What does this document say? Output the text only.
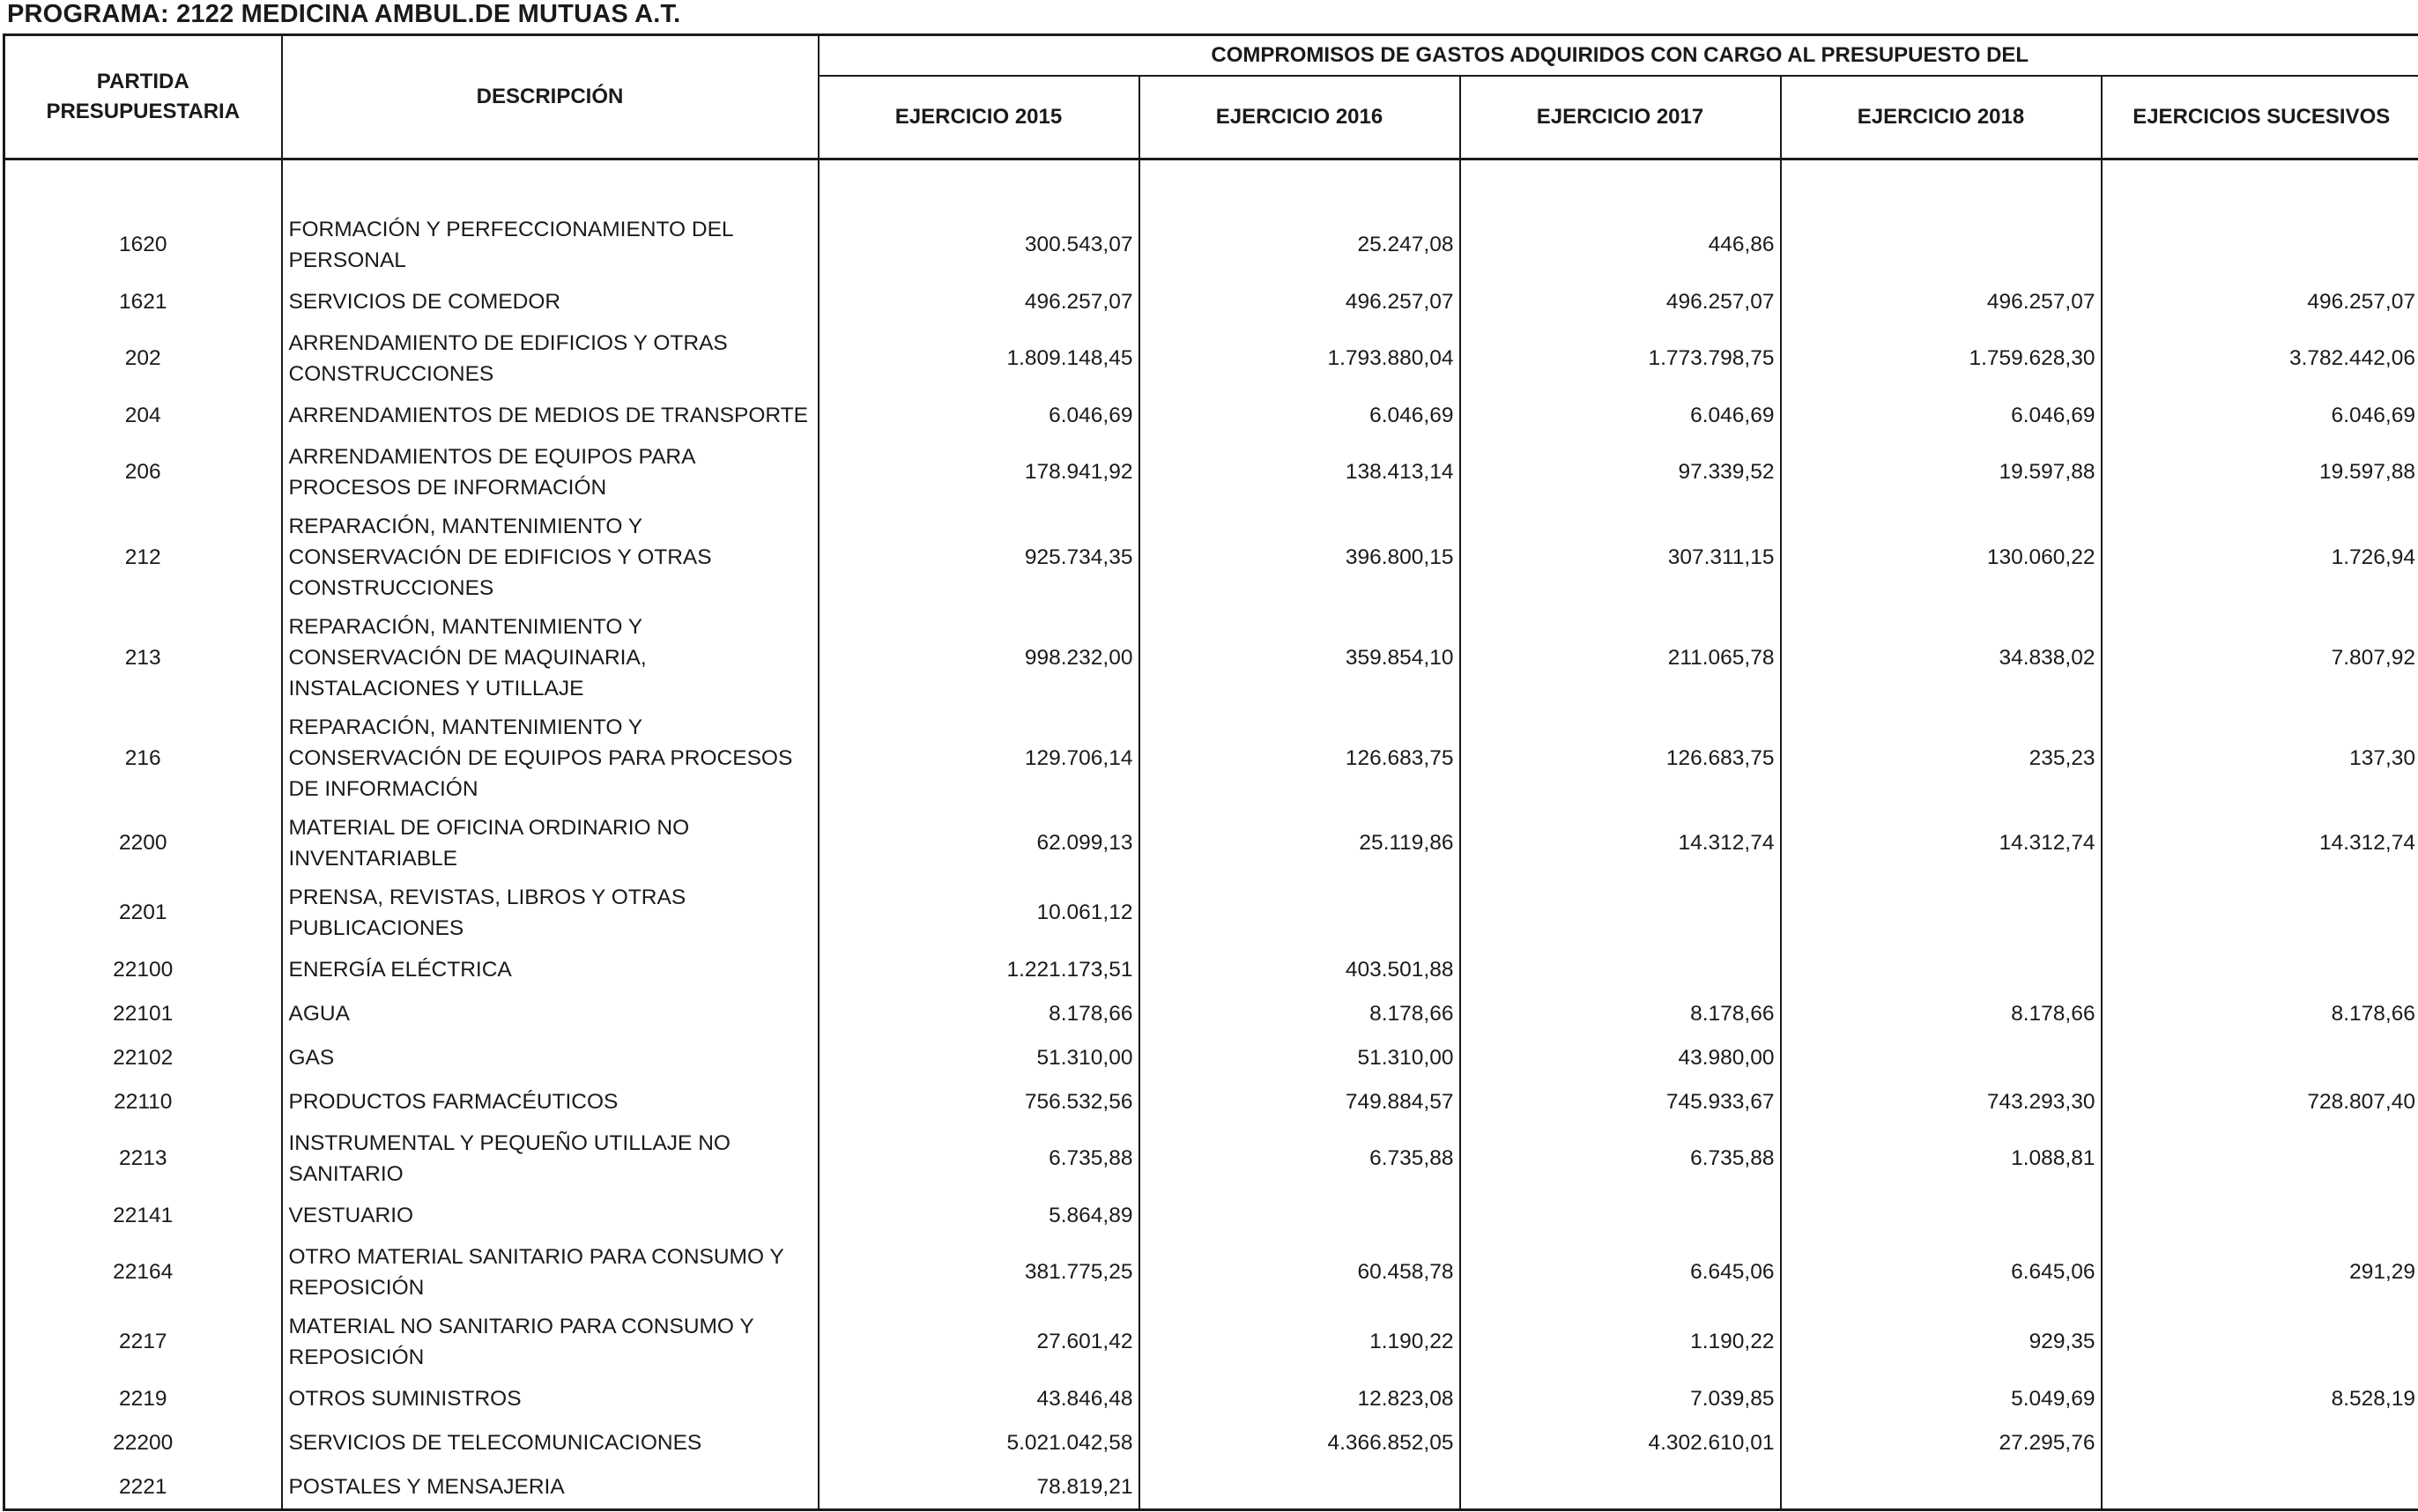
PROGRAMA: 2122 MEDICINA AMBUL.DE MUTUAS A.T.
PARTIDA PRESUPUESTARIA	DESCRIPCIÓN	COMPROMISOS DE GASTOS ADQUIRIDOS CON CARGO AL PRESUPUESTO DEL				
		EJERCICIO 2015	EJERCICIO 2016	EJERCICIO 2017	EJERCICIO 2018	EJERCICIOS SUCESIVOS

1620	FORMACIÓN Y PERFECCIONAMIENTO DEL PERSONAL	300.543,07	25.247,08	446,86		
1621	SERVICIOS DE COMEDOR	496.257,07	496.257,07	496.257,07	496.257,07	496.257,07
202	ARRENDAMIENTO DE EDIFICIOS Y OTRAS CONSTRUCCIONES	1.809.148,45	1.793.880,04	1.773.798,75	1.759.628,30	3.782.442,06
204	ARRENDAMIENTOS DE MEDIOS DE TRANSPORTE	6.046,69	6.046,69	6.046,69	6.046,69	6.046,69
206	ARRENDAMIENTOS DE EQUIPOS PARA PROCESOS DE INFORMACIÓN	178.941,92	138.413,14	97.339,52	19.597,88	19.597,88
212	REPARACIÓN, MANTENIMIENTO Y CONSERVACIÓN DE EDIFICIOS Y OTRAS CONSTRUCCIONES	925.734,35	396.800,15	307.311,15	130.060,22	1.726,94
213	REPARACIÓN, MANTENIMIENTO Y CONSERVACIÓN DE MAQUINARIA, INSTALACIONES Y UTILLAJE	998.232,00	359.854,10	211.065,78	34.838,02	7.807,92
216	REPARACIÓN, MANTENIMIENTO Y CONSERVACIÓN DE EQUIPOS PARA PROCESOS DE INFORMACIÓN	129.706,14	126.683,75	126.683,75	235,23	137,30
2200	MATERIAL DE OFICINA ORDINARIO NO INVENTARIABLE	62.099,13	25.119,86	14.312,74	14.312,74	14.312,74
2201	PRENSA, REVISTAS, LIBROS Y OTRAS PUBLICACIONES	10.061,12				
22100	ENERGÍA ELÉCTRICA	1.221.173,51	403.501,88			
22101	AGUA	8.178,66	8.178,66	8.178,66	8.178,66	8.178,66
22102	GAS	51.310,00	51.310,00	43.980,00		
22110	PRODUCTOS FARMACÉUTICOS	756.532,56	749.884,57	745.933,67	743.293,30	728.807,40
2213	INSTRUMENTAL Y PEQUEÑO UTILLAJE NO SANITARIO	6.735,88	6.735,88	6.735,88	1.088,81	
22141	VESTUARIO	5.864,89				
22164	OTRO MATERIAL SANITARIO PARA CONSUMO Y REPOSICIÓN	381.775,25	60.458,78	6.645,06	6.645,06	291,29
2217	MATERIAL NO SANITARIO PARA CONSUMO Y REPOSICIÓN	27.601,42	1.190,22	1.190,22	929,35	
2219	OTROS SUMINISTROS	43.846,48	12.823,08	7.039,85	5.049,69	8.528,19
22200	SERVICIOS DE TELECOMUNICACIONES	5.021.042,58	4.366.852,05	4.302.610,01	27.295,76	
2221	POSTALES Y MENSAJERIA	78.819,21				
